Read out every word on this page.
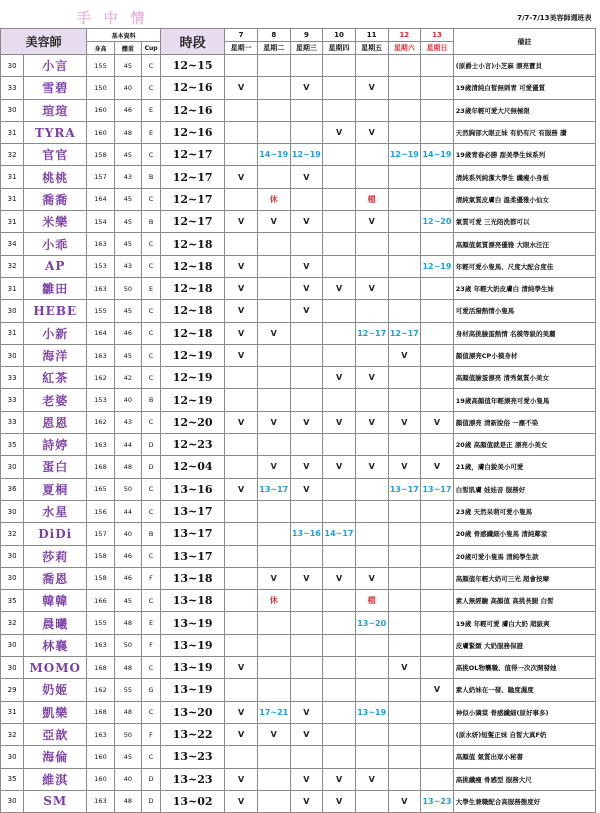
手 中 情						7/7-7/13美容師週班表							
美容師		基本資料			時段	7	8	9	10	11	12	13	備註
		身高	體重	Cup		星期一	星期二	星期三	星期四	星期五	星期六	星期日	
30	小言	155	45	C	12~15								(原爵士小言)小芝麻 漂亮寶貝
33	雪碧	150	40	C	12~16	V		V		V			19歲清純白皙無刺青 可愛優質
30	瑄瑄	160	46	E	12~16								23歲年輕可愛大尺無極限
31	TYRA	160	48	E	12~16				V	V			天然胸部大眼正妹 有奶有尺 有服務 讚
32	官官	158	45	C	12~17		14~19	12~19			12~19	14~19	19歲青春必勝 甜美學生妹系列
31	桃桃	157	43	B	12~17	V		V					清純系列純潔大學生 纖瘦小身板
31	喬喬	164	45	C	12~17		休			檔			清純氣質皮膚白 溫柔優雅小仙女
31	米樂	154	45	B	12~17	V	V	V		V		12~20	氣質可愛 三光陪洗都可以
34	小乖	163	45	C	12~18								高顏值氣質漂亮優雅 大眼水汪汪
32	AP	153	43	C	12~18	V		V				12~19	年輕可愛小隻馬、尺度大配合度佳
31	雛田	163	50	E	12~18	V		V	V	V			23歲 年輕大奶皮膚白 清純學生妹
30	HEBE	155	45	C	12~18	V		V					可愛活潑熱情小隻馬
31	小新	164	46	C	12~18	V	V			12~17	12~17		身材高挑臉蛋熱情 名模等級的美麗
30	海洋	163	45	C	12~19	V					V		顏值漂亮CP小模身材
33	紅茶	162	42	C	12~19				V	V			高顏值臉蛋漂亮 清秀氣質小美女
33	老婆	153	40	B	12~19								19歲高顏值年輕漂亮可愛小隻馬
33	恩恩	162	43	C	12~20	V	V	V	V	V	V	V	顏值漂亮 清新脫俗 一塵不染
35	詩婷	163	44	D	12~23								20歲 高顏值就是正 漂亮小美女
30	蛋白	168	48	D	12~04		V	V	V	V	V	V	21歲，膚白銳美小可愛
36	夏桐	165	50	C	13~16	V	13~17	V			13~17	13~17	白皙肌膚 娃娃音 服務好
30	水星	156	44	C	13~17								23歲 天然呆萌可愛小隻馬
32	DiDi	157	40	B	13~17			13~16	14~17				20歲 骨感纖細小隻馬 清純鄰家
30	莎莉	158	46	C	13~17								20歲可愛小隻馬 清純學生款
30	喬恩	158	46	F	13~18		V	V	V	V			高顏值年輕大奶可三光 超會按摩
35	韓韓	166	45	C	13~18		休			檔			素人無經驗 高顏值 高挑長腿 白皙
32	晨曦	155	48	E	13~19					13~20			19歲 年輕可愛 膚白大奶 超級爽
30	林襄	163	50	F	13~19								皮膚緊緻 大奶服務保證
30	MOMO	168	48	C	13~19	V					V		高挑OL物襲職、值得一次次開發她
29	奶姬	162	55	G	13~19							V	素人奶妹在一發、馳度濕度
31	凱樂	168	48	C	13~20	V	17~21	V		13~19			神似小隣棠 骨感纖細(原好事多)
32	亞歆	163	50	F	13~22	V	V	V					(原水妍)短髮正妹 自皙大真F奶
30	海倫	160	45	C	13~23								高顏值 氣質出眾小秘書
35	維淇	160	40	D	13~23	V		V	V	V			高挑纖瘦 骨感型 服務大尺
30	SM	163	48	D	13~02	V		V	V		V	13~23	大學生兼職配合高服務態度好
